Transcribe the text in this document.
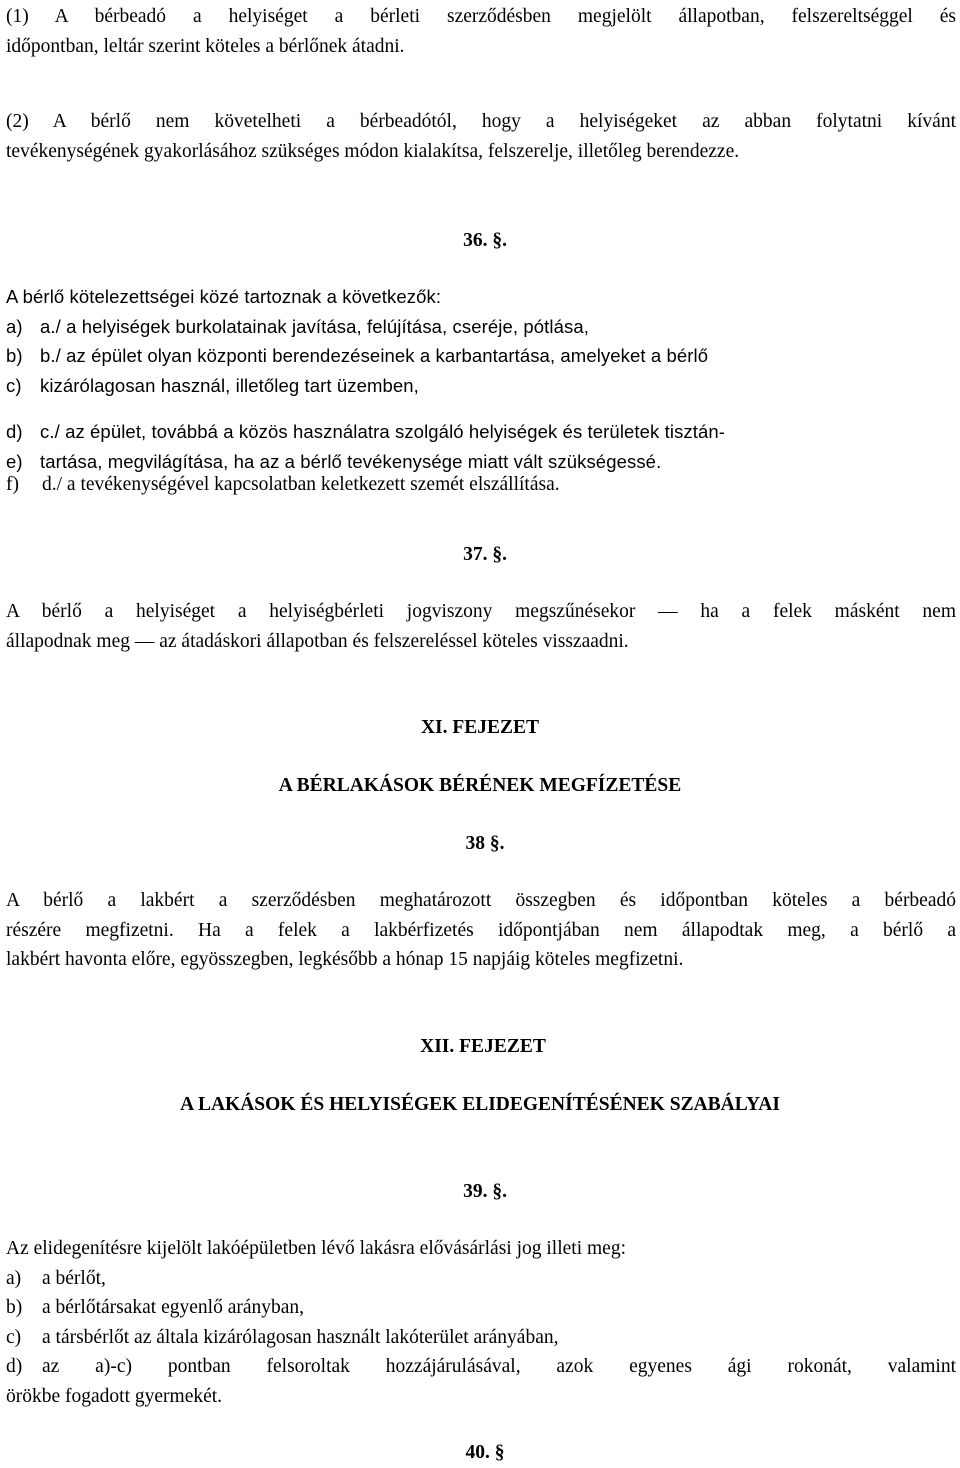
(1) A bérbeadó a helyiséget a bérleti szerződésben megjelölt állapotban, felszereltséggel és
időpontban, leltár szerint köteles a bérlőnek átadni.
(2) A bérlő nem követelheti a bérbeadótól, hogy a helyiségeket az abban folytatni kívánt
tevékenységének gyakorlásához szükséges módon kialakítsa, felszerelje, illetőleg berendezze.
36. §.
A bérlő kötelezettségei közé tartoznak a következők:
a) a./ a helyiségek burkolatainak javítása, felújítása, cseréje, pótlása,
b) b./ az épület olyan központi berendezéseinek a karbantartása, amelyeket a bérlő
c) kizárólagosan használ, illetőleg tart üzemben,
d) c./ az épület, továbbá a közös használatra szolgáló helyiségek és területek tisztán-
e) tartása, megvilágítása, ha az a bérlő tevékenysége miatt vált szükségessé.
f)	d./ a tevékenységével kapcsolatban keletkezett szemét elszállítása.
37. §.
A bérlő a helyiséget a helyiségbérleti jogviszony megszűnésekor — ha a felek másként nem
állapodnak meg — az átadáskori állapotban és felszereléssel köteles visszaadni.
XI. FEJEZET
A BÉRLAKÁSOK BÉRÉNEK MEGFÍZETÉSE
38 §.
A bérlő a lakbért a szerződésben meghatározott összegben és időpontban köteles a bérbeadó
részére megfizetni. Ha a felek a lakbérfizetés időpontjában nem állapodtak meg, a bérlő a
lakbért havonta előre, egyösszegben, legkésőbb a hónap 15 napjáig köteles megfizetni.
XII. FEJEZET
A LAKÁSOK ÉS HELYISÉGEK ELIDEGENÍTÉSÉNEK SZABÁLYAI
39. §.
Az elidegenítésre kijelölt lakóépületben lévő lakásra elővásárlási jog illeti meg:
a)	a bérlőt,
b)	a bérlőtársakat egyenlő arányban,
c)	a társbérlőt az általa kizárólagosan használt lakóterület arányában,
d)	az a)-c) pontban felsoroltak hozzájárulásával, azok egyenes ági rokonát, valamint
örökbe fogadott gyermekét.
40. §
